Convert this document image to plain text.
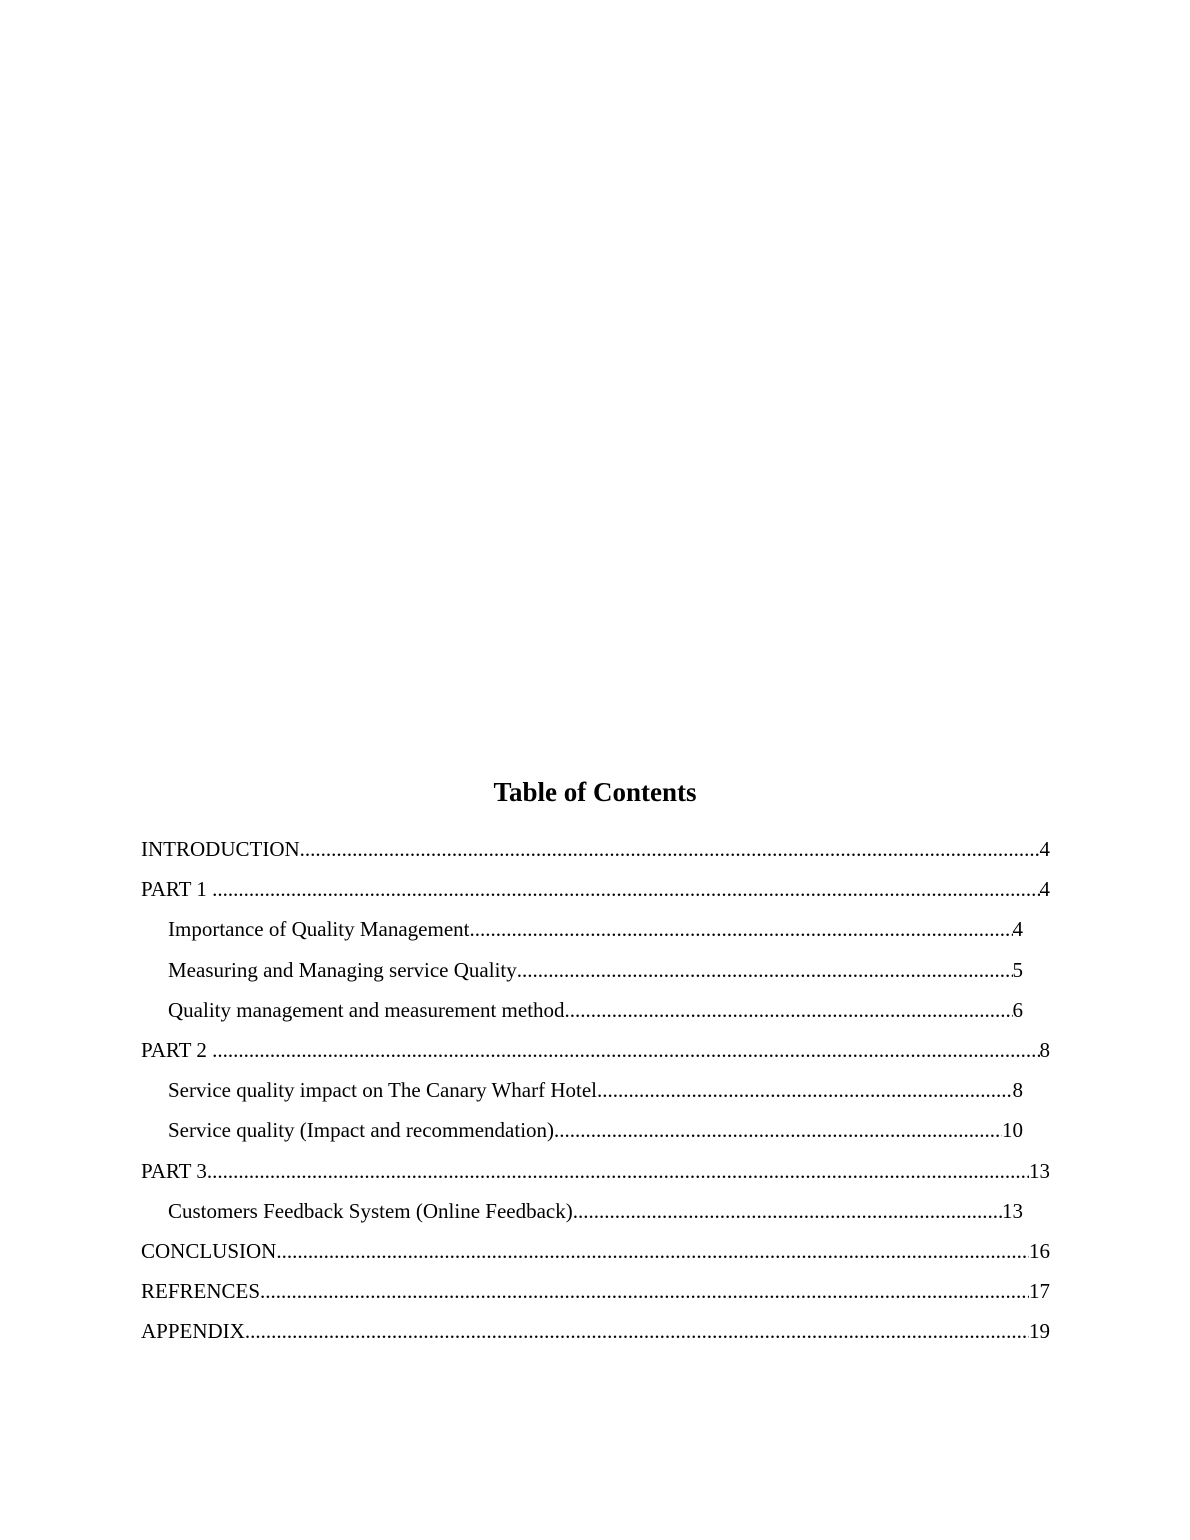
Table of Contents
INTRODUCTION .....	4
PART 1 .....	4
Importance of Quality Management .....	4
Measuring and Managing service Quality .....	5
Quality management and measurement method .....	6
PART 2 .....	8
Service quality impact on The Canary Wharf Hotel .....	8
Service quality (Impact and recommendation) .....	10
PART 3 .....	13
Customers Feedback System (Online Feedback) .....	13
CONCLUSION .....	16
REFRENCES .....	17
APPENDIX .....	19
